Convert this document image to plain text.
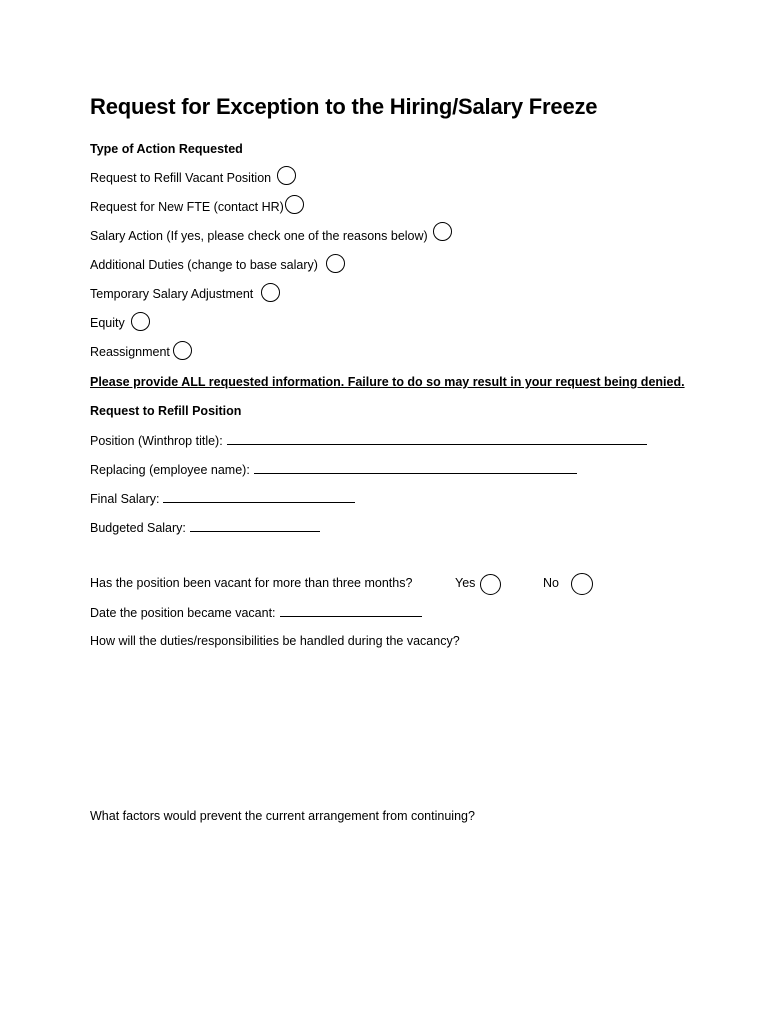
Request for Exception to the Hiring/Salary Freeze
Type of Action Requested
Request to Refill Vacant Position
Request for New FTE (contact HR)
Salary Action (If yes, please check one of the reasons below)
Additional Duties (change to base salary)
Temporary Salary Adjustment
Equity
Reassignment
Please provide ALL requested information. Failure to do so may result in your request being denied.
Request to Refill Position
Position (Winthrop title):
Replacing (employee name):
Final Salary:
Budgeted Salary:
Has the position been vacant for more than three months?	Yes	No
Date the position became vacant:
How will the duties/responsibilities be handled during the vacancy?
What factors would prevent the current arrangement from continuing?
